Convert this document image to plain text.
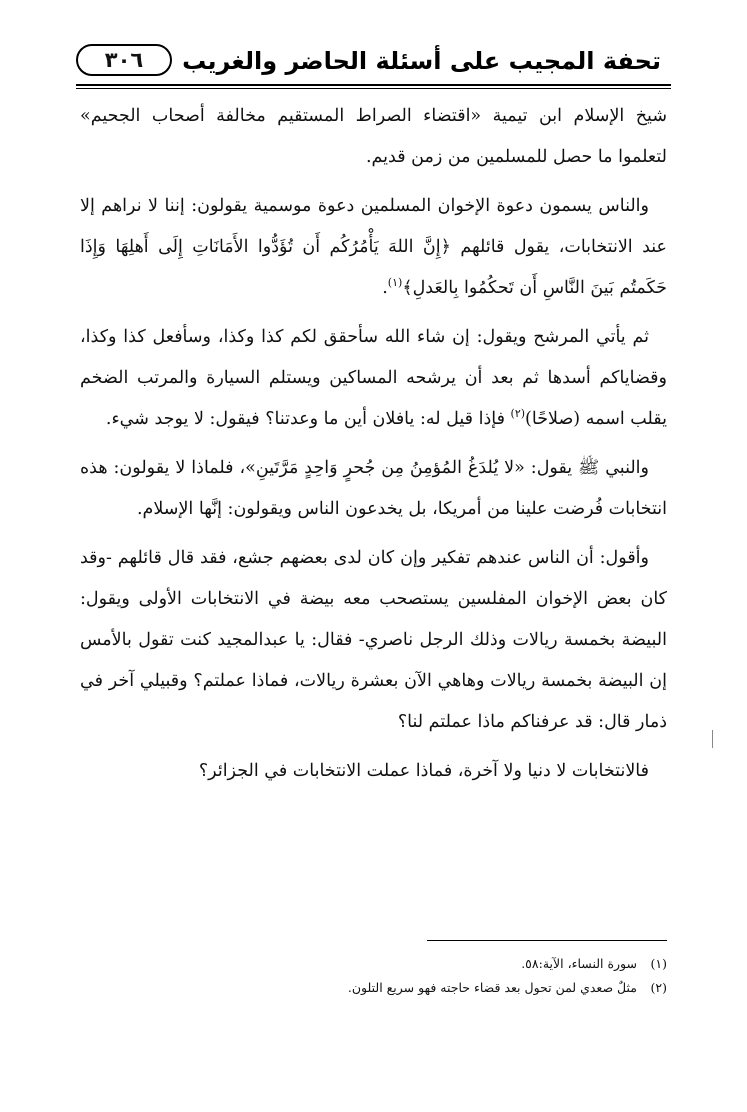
تحفة المجيب على أسئلة الحاضر والغريب
٣٠٦

شيخ الإسلام ابن تيمية «اقتضاء الصراط المستقيم مخالفة أصحاب الجحيم» لتعلموا ما حصل للمسلمين من زمن قديم.

والناس يسمون دعوة الإخوان المسلمين دعوة موسمية يقولون: إننا لا نراهم إلا عند الانتخابات، يقول قائلهم ﴿إِنَّ اللهَ يَأْمُرُكُم أَن تُؤَدُّوا الأَمَانَاتِ إِلَى أَهلِهَا وَإِذَا حَكَمتُم بَينَ النَّاسِ أَن تَحكُمُوا بِالعَدلِ﴾$^{(١)}$.

ثم يأتي المرشح ويقول: إن شاء الله سأحقق لكم كذا وكذا، وسأفعل كذا وكذا، وقضاياكم أسدها ثم بعد أن يرشحه المساكين ويستلم السيارة والمرتب الضخم يقلب اسمه (صلاحًا)$^{(٢)}$ فإذا قيل له: يافلان أين ما وعدتنا؟ فيقول: لا يوجد شيء.

والنبي ﷺ يقول: «لا يُلدَغُ المُؤمِنُ مِن جُحرٍ وَاحِدٍ مَرَّتَينِ»، فلماذا لا يقولون: هذه انتخابات فُرضت علينا من أمريكا، بل يخدعون الناس ويقولون: إنَّها الإسلام.

وأقول: أن الناس عندهم تفكير وإن كان لدى بعضهم جشع، فقد قال قائلهم -وقد كان بعض الإخوان المفلسين يستصحب معه بيضة في الانتخابات الأولى ويقول: البيضة بخمسة ريالات وذلك الرجل ناصري- فقال: يا عبدالمجيد كنت تقول بالأمس إن البيضة بخمسة ريالات وهاهي الآن بعشرة ريالات، فماذا عملتم؟ وقبيلي آخر في ذمار قال: قد عرفناكم ماذا عملتم لنا؟

فالانتخابات لا دنيا ولا آخرة، فماذا عملت الانتخابات في الجزائر؟

(١)
سورة النساء، الآية:٥٨.
(٢)
مثلٌ صعدي لمن تحول بعد قضاء حاجته فهو سريع التلون.
